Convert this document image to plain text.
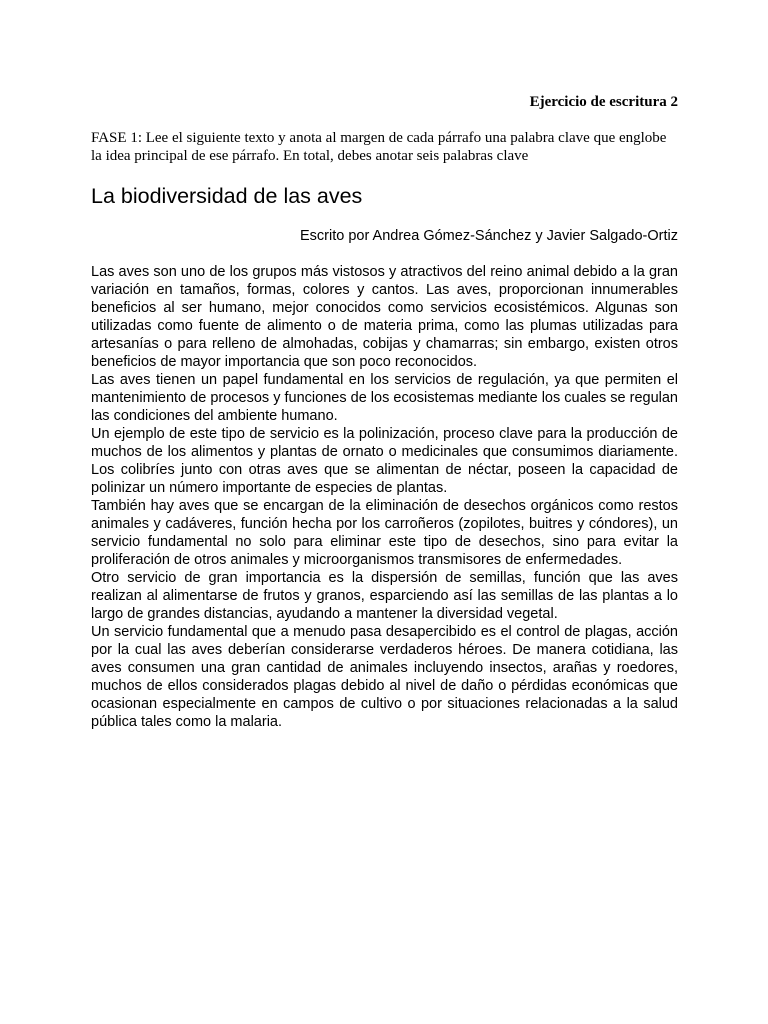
Ejercicio de escritura 2
FASE 1: Lee el siguiente texto y anota al margen de cada párrafo una palabra clave que englobe la idea principal de ese párrafo. En total, debes anotar seis palabras clave
La biodiversidad de las aves
Escrito por Andrea Gómez-Sánchez y Javier Salgado-Ortiz

Las aves son uno de los grupos más vistosos y atractivos del reino animal debido a la gran variación en tamaños, formas, colores y cantos. Las aves, proporcionan innumerables beneficios al ser humano, mejor conocidos como servicios ecosistémicos. Algunas son utilizadas como fuente de alimento o de materia prima, como las plumas utilizadas para artesanías o para relleno de almohadas, cobijas y chamarras; sin embargo, existen otros beneficios de mayor importancia que son poco reconocidos.

Las aves tienen un papel fundamental en los servicios de regulación, ya que permiten el mantenimiento de procesos y funciones de los ecosistemas mediante los cuales se regulan las condiciones del ambiente humano.

Un ejemplo de este tipo de servicio es la polinización, proceso clave para la producción de muchos de los alimentos y plantas de ornato o medicinales que consumimos diariamente. Los colibríes junto con otras aves que se alimentan de néctar, poseen la capacidad de polinizar un número importante de especies de plantas.

También hay aves que se encargan de la eliminación de desechos orgánicos como restos animales y cadáveres, función hecha por los carroñeros (zopilotes, buitres y cóndores), un servicio fundamental no solo para eliminar este tipo de desechos, sino para evitar la proliferación de otros animales y microorganismos transmisores de enfermedades.

Otro servicio de gran importancia es la dispersión de semillas, función que las aves realizan al alimentarse de frutos y granos, esparciendo así las semillas de las plantas a lo largo de grandes distancias, ayudando a mantener la diversidad vegetal.

Un servicio fundamental que a menudo pasa desapercibido es el control de plagas, acción por la cual las aves deberían considerarse verdaderos héroes. De manera cotidiana, las aves consumen una gran cantidad de animales incluyendo insectos, arañas y roedores, muchos de ellos considerados plagas debido al nivel de daño o pérdidas económicas que ocasionan especialmente en campos de cultivo o por situaciones relacionadas a la salud pública tales como la malaria.
